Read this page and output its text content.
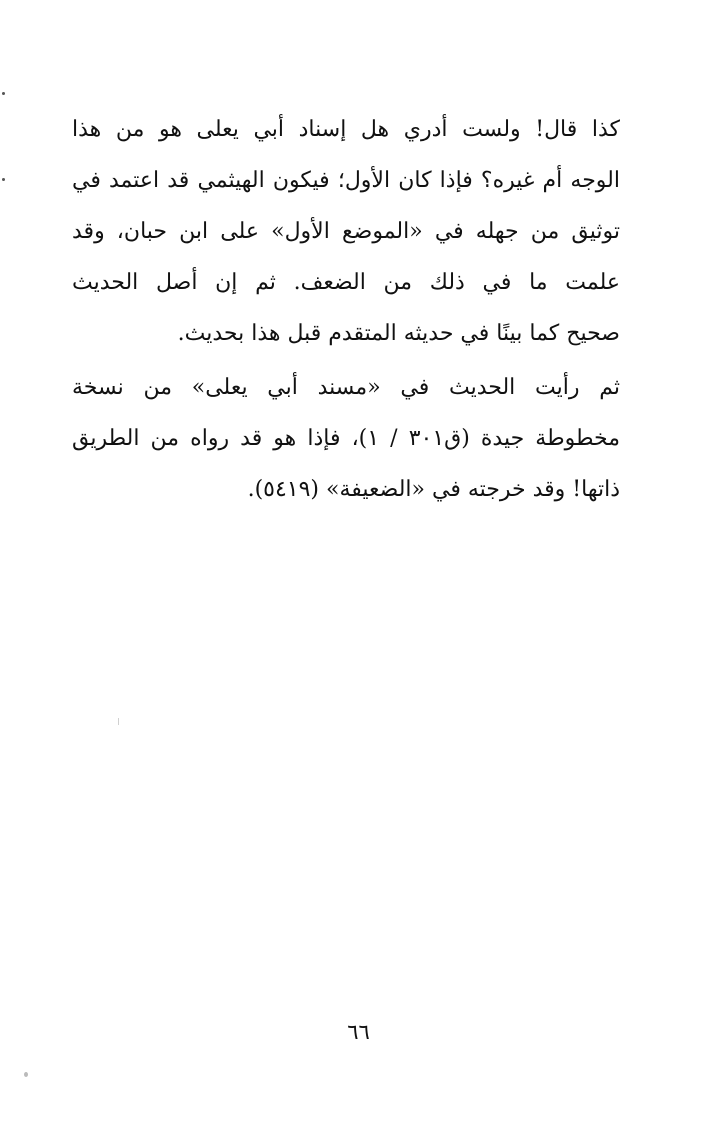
كذا قال! ولست أدري هل إسناد أبي يعلى هو من هذا
الوجه أم غيره؟ فإذا كان الأول؛ فيكون الهيثمي قد اعتمد في
توثيق من جهله في «الموضع الأول» على ابن حبان، وقد
علمت ما في ذلك من الضعف. ثم إن أصل الحديث
صحيح كما بينًا في حديثه المتقدم قبل هذا بحديث.
ثم رأيت الحديث في «مسند أبي يعلى» من نسخة
مخطوطة جيدة (ق٣٠١ / ١)، فإذا هو قد رواه من الطريق
ذاتها! وقد خرجته في «الضعيفة» (٥٤١٩).
٦٦
